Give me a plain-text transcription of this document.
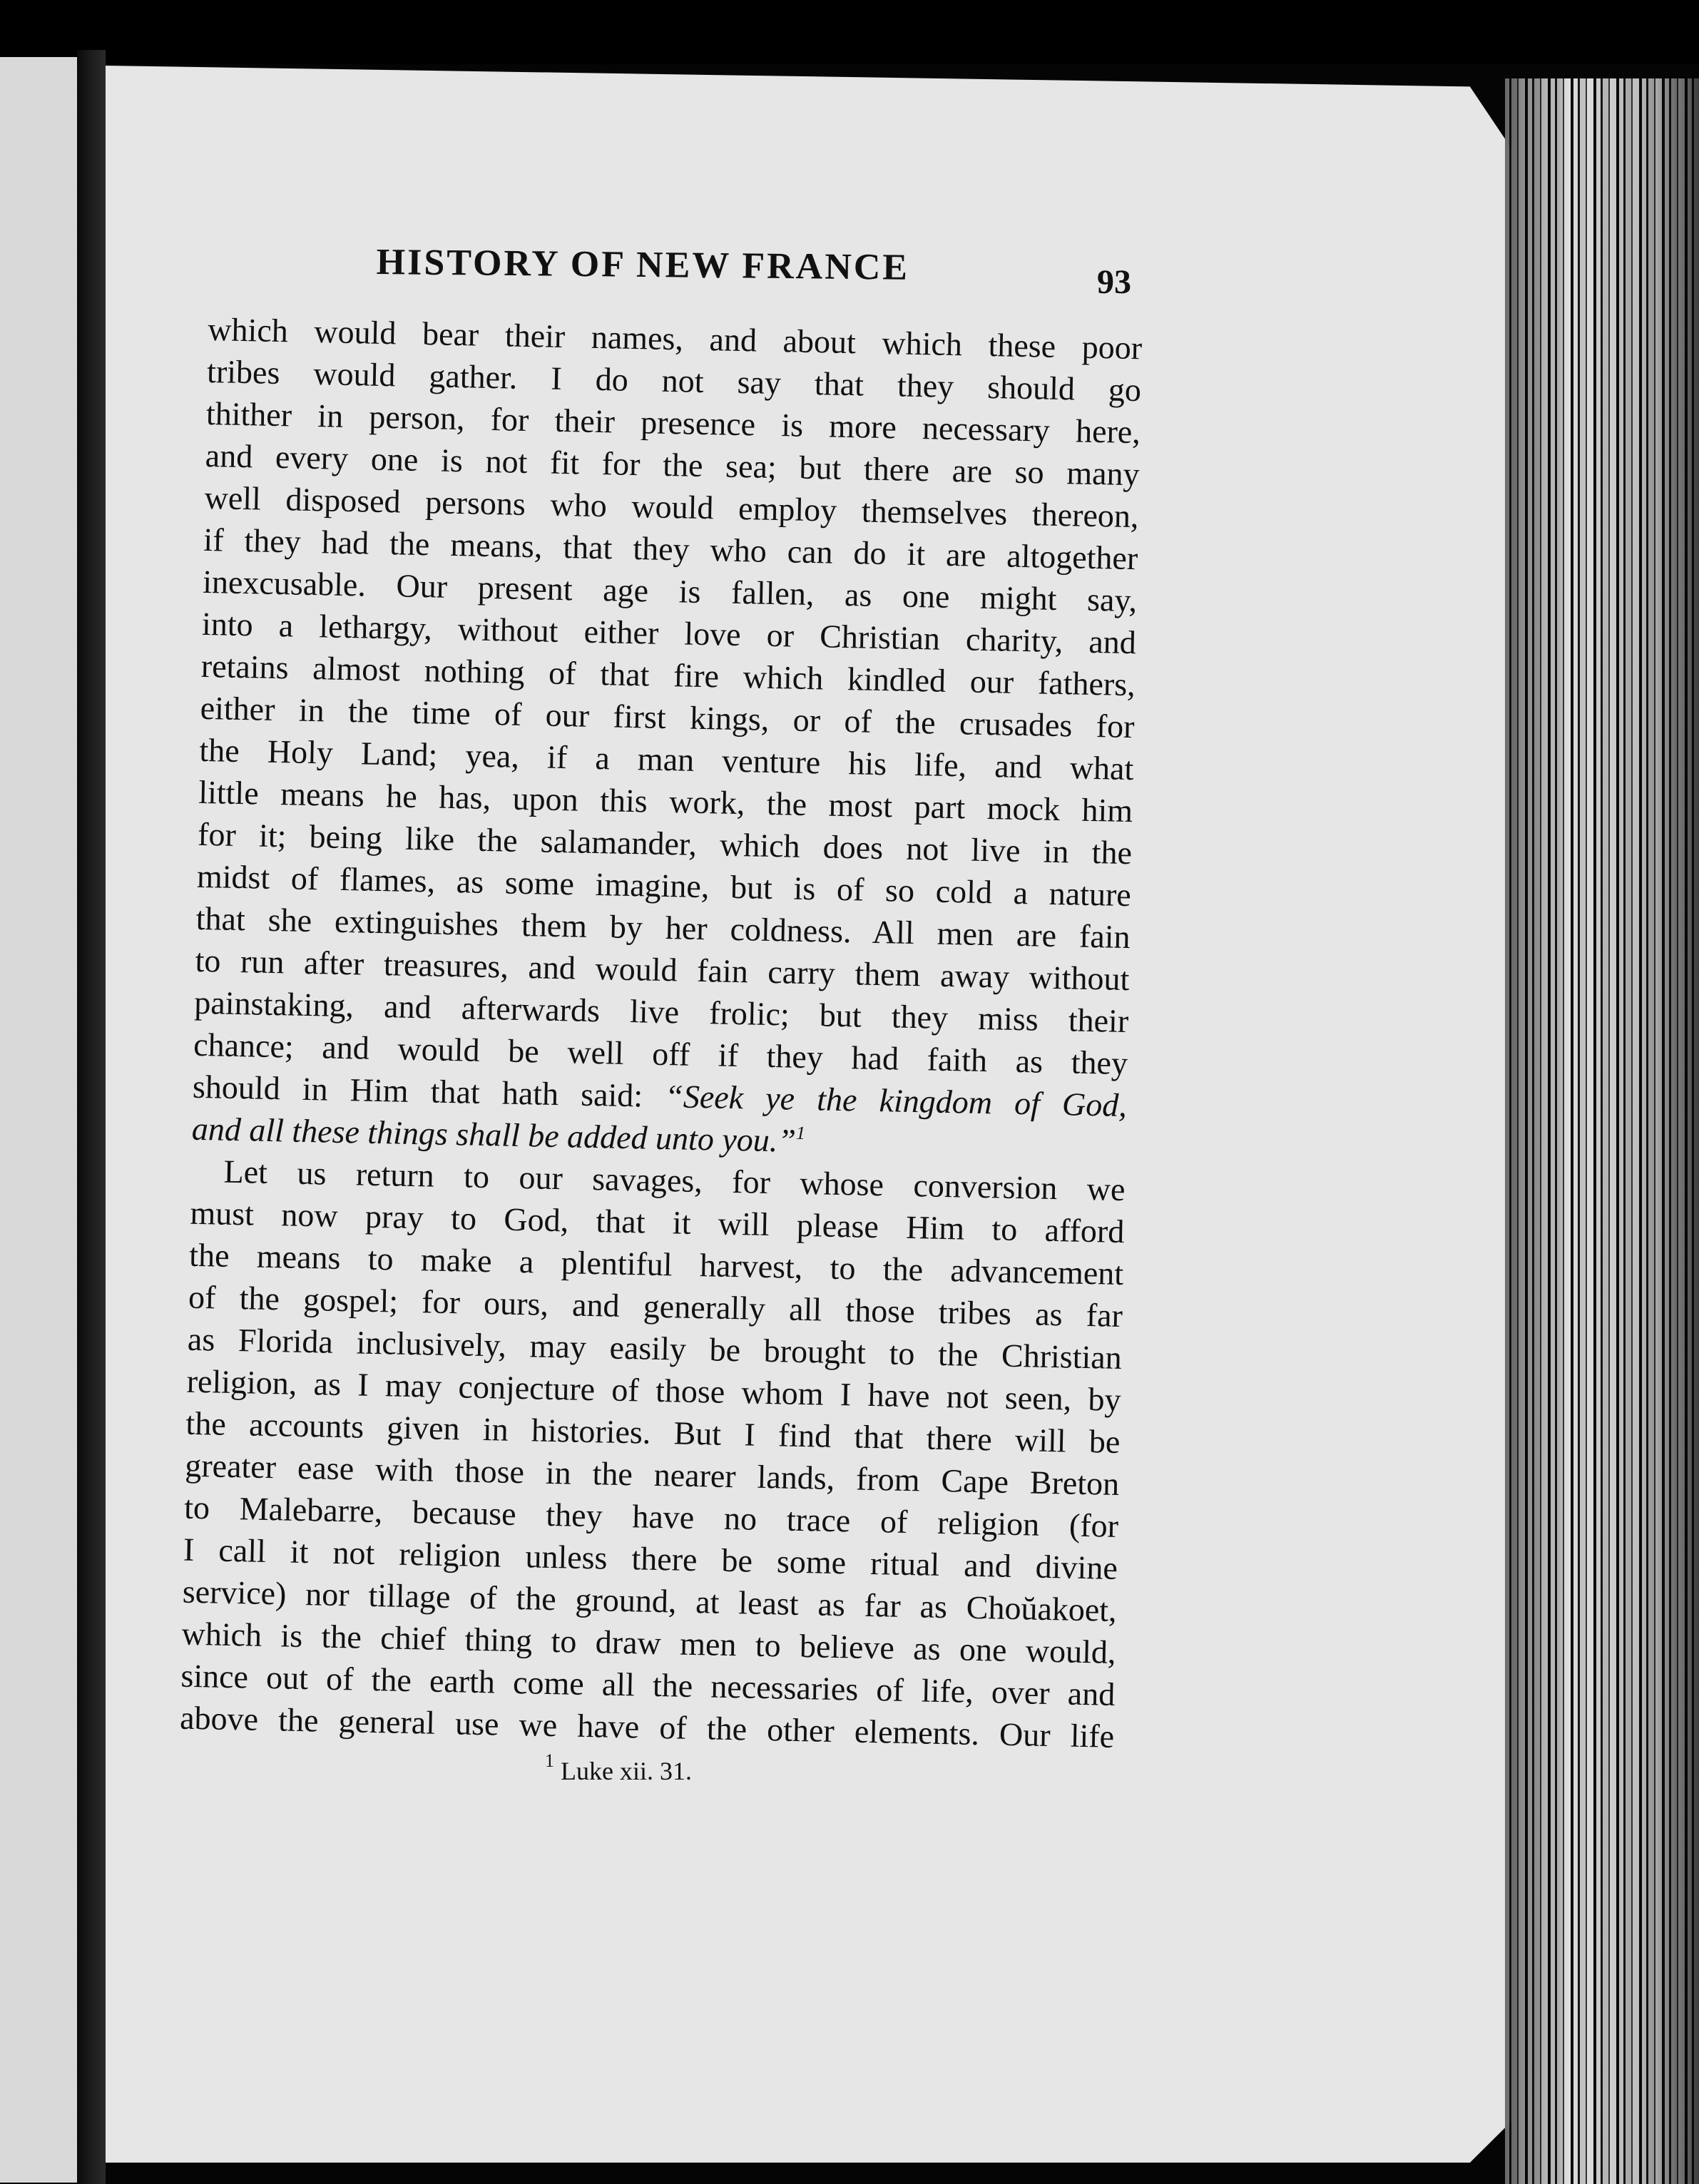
HISTORY OF NEW FRANCE	93
which would bear their names, and about which these poor
tribes would gather. I do not say that they should go
thither in person, for their presence is more necessary here,
and every one is not fit for the sea; but there are so many
well disposed persons who would employ themselves thereon,
if they had the means, that they who can do it are altogether
inexcusable. Our present age is fallen, as one might say,
into a lethargy, without either love or Christian charity, and
retains almost nothing of that fire which kindled our fathers,
either in the time of our first kings, or of the crusades for
the Holy Land; yea, if a man venture his life, and what
little means he has, upon this work, the most part mock him
for it; being like the salamander, which does not live in the
midst of flames, as some imagine, but is of so cold a nature
that she extinguishes them by her coldness. All men are fain
to run after treasures, and would fain carry them away without
painstaking, and afterwards live frolic; but they miss their
chance; and would be well off if they had faith as they
should in Him that hath said: “Seek ye the kingdom of God,
and all these things shall be added unto you.”$^1$
Let us return to our savages, for whose conversion we
must now pray to God, that it will please Him to afford
the means to make a plentiful harvest, to the advancement
of the gospel; for ours, and generally all those tribes as far
as Florida inclusively, may easily be brought to the Christian
religion, as I may conjecture of those whom I have not seen, by
the accounts given in histories. But I find that there will be
greater ease with those in the nearer lands, from Cape Breton
to Malebarre, because they have no trace of religion (for
I call it not religion unless there be some ritual and divine
service) nor tillage of the ground, at least as far as Choŭakoet,
which is the chief thing to draw men to believe as one would,
since out of the earth come all the necessaries of life, over and
above the general use we have of the other elements. Our life
$^1$ Luke xii. 31.
